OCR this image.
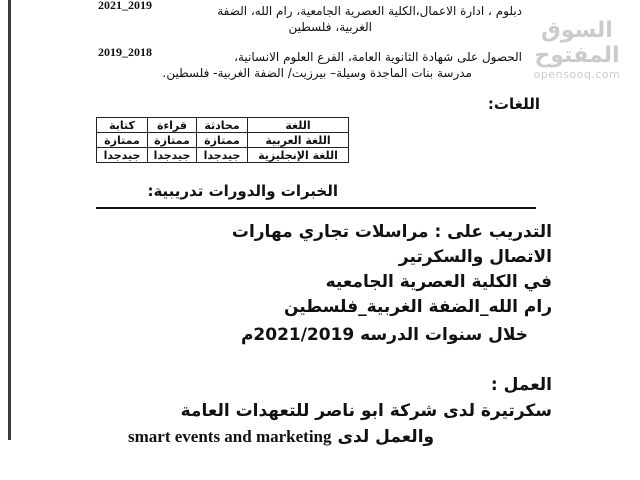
2021_2019	دبلوم ، ادارة الاعمال،الكلية العصرية الجامعية، رام الله، الضفة
الغربية، فلسطين
2019_2018	الحصول على شهادة الثانوية العامة، الفرع العلوم الانسانية،
مدرسة بنات الماجدة وسيلة– بيرزيت/ الضفة الغربية- فلسطين.
السوق المفتوح
opensooq.com
اللغات:
اللغة	محادثة	قراءة	كتابة
اللغة العربية	ممتازة	ممتازة	ممتازة
اللغة الإنجليزية	جيدجدا	جيدجدا	جيدجدا
الخبرات والدورات تدريبية:
التدريب على : مراسلات تجاري مهارات
الاتصال والسكرتير
في الكلية العصرية الجامعيه
رام الله_الضفة الغربية_فلسطين
خلال سنوات الدرسه 2021/2019م
العمل :
سكرتيرة لدى شركة ابو ناصر للتعهدات العامة
smart events and marketing والعمل لدى
